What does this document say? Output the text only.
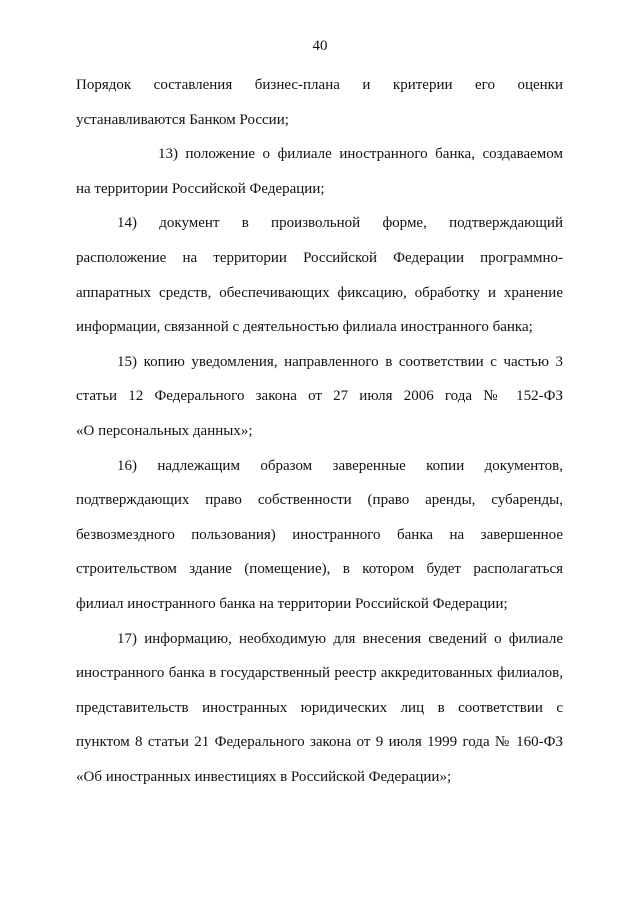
40

Порядок составления бизнес-плана и критерии его оценки
устанавливаются Банком России;

13) положение о филиале иностранного банка, создаваемом
на территории Российской Федерации;

14) документ в произвольной форме, подтверждающий
расположение на территории Российской Федерации программно-
аппаратных средств, обеспечивающих фиксацию, обработку и хранение
информации, связанной с деятельностью филиала иностранного банка;

15) копию уведомления, направленного в соответствии с частью 3
статьи 12 Федерального закона от 27 июля 2006 года № 152-ФЗ
«О персональных данных»;

16) надлежащим образом заверенные копии документов,
подтверждающих право собственности (право аренды, субаренды,
безвозмездного пользования) иностранного банка на завершенное
строительством здание (помещение), в котором будет располагаться
филиал иностранного банка на территории Российской Федерации;

17) информацию, необходимую для внесения сведений о филиале
иностранного банка в государственный реестр аккредитованных филиалов,
представительств иностранных юридических лиц в соответствии с
пунктом 8 статьи 21 Федерального закона от 9 июля 1999 года № 160-ФЗ
«Об иностранных инвестициях в Российской Федерации»;
